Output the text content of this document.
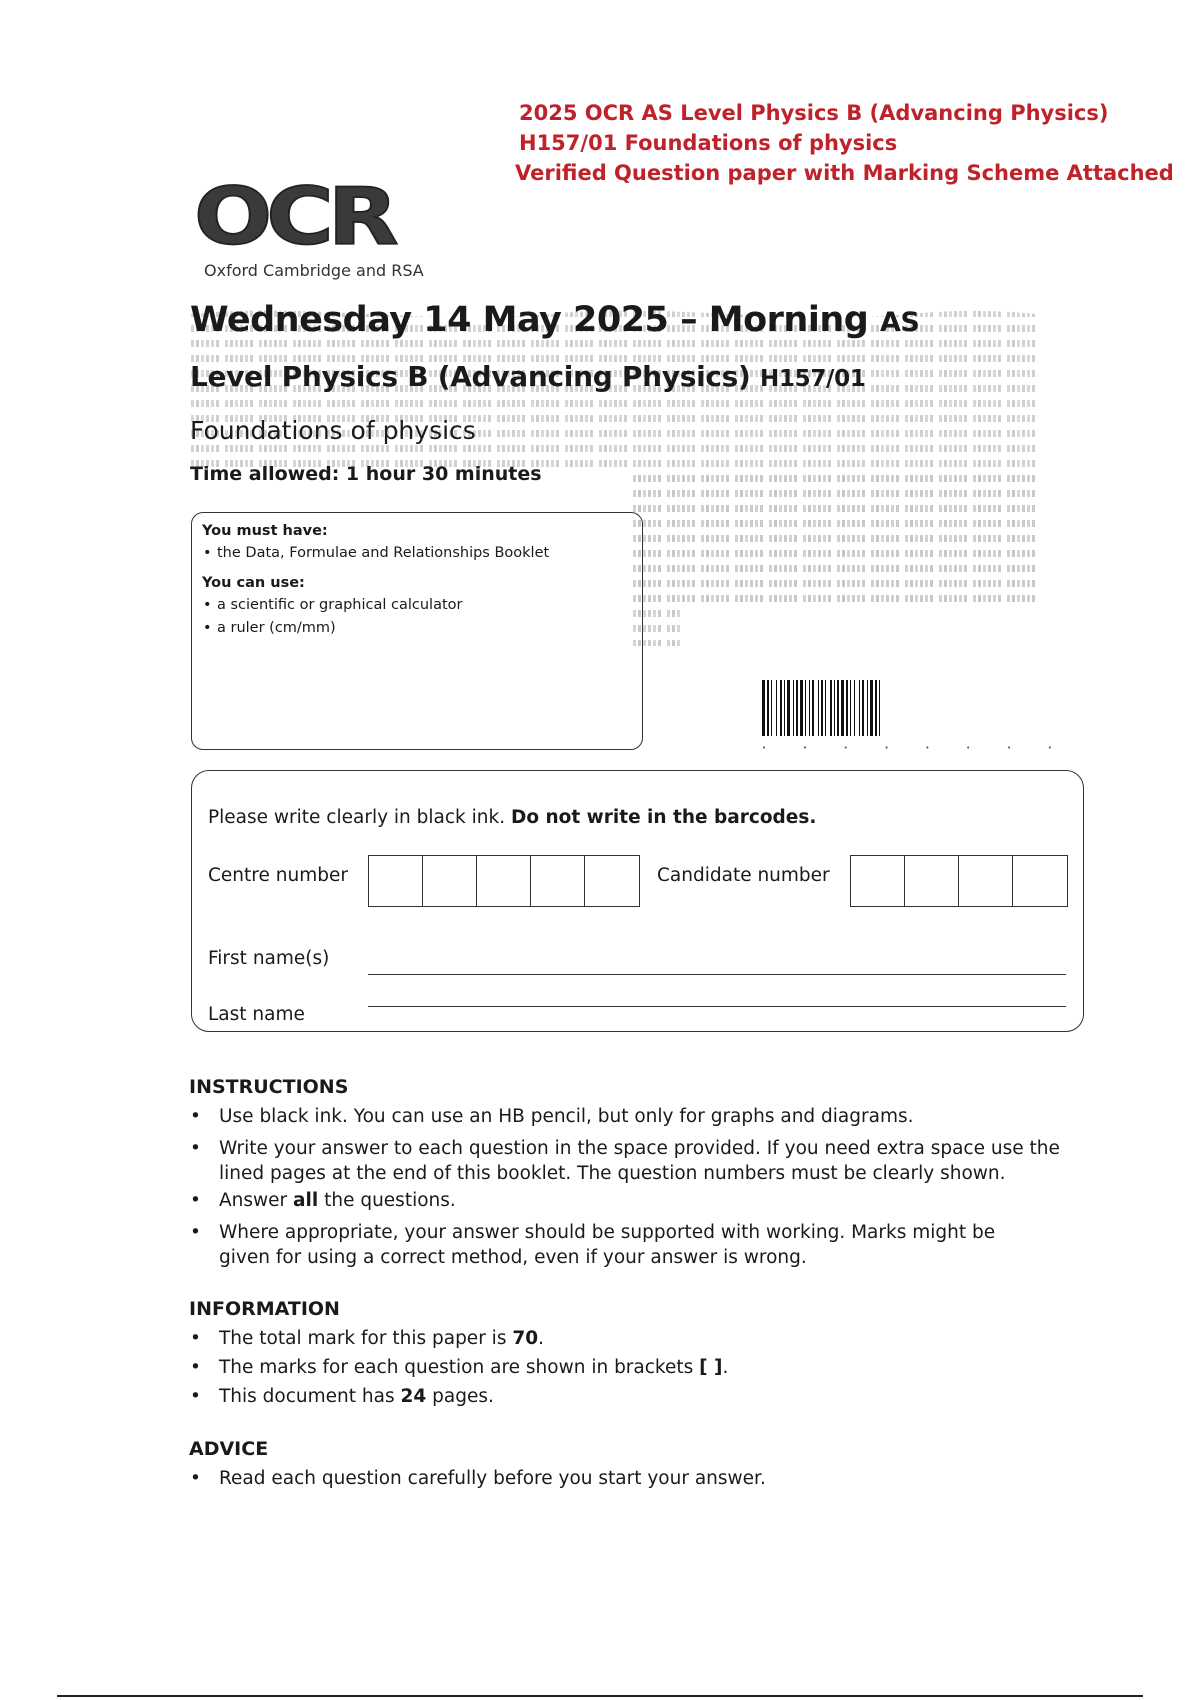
2025 OCR AS Level Physics B (Advancing Physics)
H157/01 Foundations of physics
Verified Question paper with Marking Scheme Attached
OCR
Oxford Cambridge and RSA
Wednesday 14 May 2025 – Morning AS
Level Physics B (Advancing Physics) H157/01
Foundations of physics
Time allowed: 1 hour 30 minutes
You must have:
• the Data, Formulae and Relationships Booklet
You can use:
• a scientific or graphical calculator
• a ruler (cm/mm)
•	•	•	•	•	•	•	•
Please write clearly in black ink. Do not write in the barcodes.
Centre number	Candidate number
First name(s)
Last name
INSTRUCTIONS
• Use black ink. You can use an HB pencil, but only for graphs and diagrams.
• Write your answer to each question in the space provided. If you need extra space use the lined pages at the end of this booklet. The question numbers must be clearly shown.
• Answer all the questions.
• Where appropriate, your answer should be supported with working. Marks might be given for using a correct method, even if your answer is wrong.
INFORMATION
• The total mark for this paper is 70.
• The marks for each question are shown in brackets [ ].
• This document has 24 pages.
ADVICE
• Read each question carefully before you start your answer.
